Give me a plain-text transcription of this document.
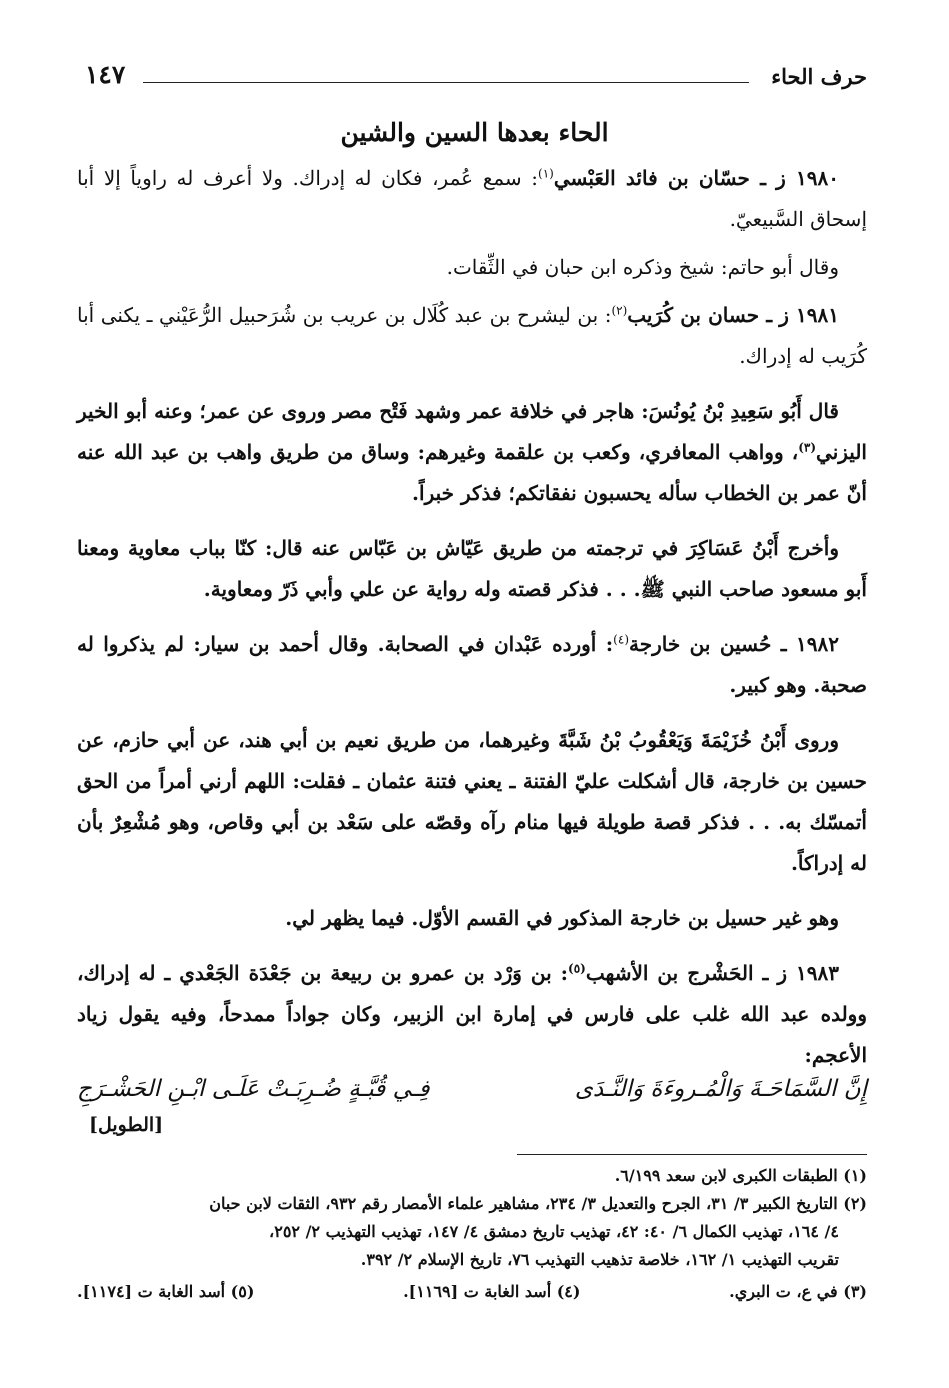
حرف الحاء
١٤٧
الحاء بعدها السين والشين

١٩٨٠ ز ـ حسّان بن فائد العَبْسي$^{(١)}$: سمع عُمر، فكان له إدراك. ولا أعرف له راوياً إلا أبا إسحاق السَّبيعيّ.

وقال أبو حاتم: شيخ وذكره ابن حبان في الثِّقات.

١٩٨١ ز ـ حسان بن كُرَيب$^{(٢)}$: بن ليشرح بن عبد كُلَال بن عريب بن شُرَحبيل الرُّعَيْني ـ يكنى أبا كُرَيب له إدراك.

قال أَبُو سَعِيدِ بْنُ يُونُسَ: هاجر في خلافة عمر وشهد فَتْح مصر وروى عن عمر؛ وعنه أبو الخير اليزني$^{(٣)}$، وواهب المعافري، وكعب بن علقمة وغيرهم: وساق من طريق واهب بن عبد الله عنه أنّ عمر بن الخطاب سأله يحسبون نفقاتكم؛ فذكر خبراً.

وأخرج أَبْنُ عَسَاكِرَ في ترجمته من طريق عَيّاش بن عَبّاس عنه قال: كنّا بباب معاوية ومعنا أَبو مسعود صاحب النبي ﷺ. . . فذكر قصته وله رواية عن علي وأبي ذَرّ ومعاوية.

١٩٨٢ ـ حُسين بن خارجة$^{(٤)}$: أورده عَبْدان في الصحابة. وقال أحمد بن سيار: لم يذكروا له صحبة. وهو كبير.

وروى أَبْنُ خُزَيْمَةَ وَيَعْقُوبُ بْنُ شَبَّةَ وغيرهما، من طريق نعيم بن أبي هند، عن أبي حازم، عن حسين بن خارجة، قال أشكلت عليّ الفتنة ـ يعني فتنة عثمان ـ فقلت: اللهم أرني أمراً من الحق أتمسّك به. . . فذكر قصة طويلة فيها منام رآه وقصّه على سَعْد بن أبي وقاص، وهو مُشْعِرٌ بأن له إدراكاً.

وهو غير حسيل بن خارجة المذكور في القسم الأوّل. فيما يظهر لي.

١٩٨٣ ز ـ الحَشْرج بن الأشهب$^{(٥)}$: بن وَرْد بن عمرو بن ربيعة بن جَعْدَة الجَعْدي ـ له إدراك، وولده عبد الله غلب على فارس في إمارة ابن الزبير، وكان جواداً ممدحاً، وفيه يقول زياد الأعجم:

إِنَّ السَّمَاحَـةَ وَالْمُـروءَةَ وَالنَّـدَى
فِـي قُبَّـةٍ ضُـرِبَـتْ عَلَـى ابْـنِ الحَشْـرَجِ
[الطويل]

(١) الطبقات الكبرى لابن سعد ٦/١٩٩.

(٢) التاريخ الكبير ٣/ ٣١، الجرح والتعديل ٣/ ٢٣٤، مشاهير علماء الأمصار رقم ٩٣٢، الثقات لابن حبان

٤/ ١٦٤، تهذيب الكمال ٦/ ٤٠: ٤٢، تهذيب تاريخ دمشق ٤/ ١٤٧، تهذيب التهذيب ٢/ ٢٥٢،

تقريب التهذيب ١/ ١٦٢، خلاصة تذهيب التهذيب ٧٦، تاريخ الإسلام ٢/ ٣٩٢.

(٣) في ع، ت البري.
(٤) أسد الغابة ت [١١٦٩].
(٥) أسد الغابة ت [١١٧٤].
